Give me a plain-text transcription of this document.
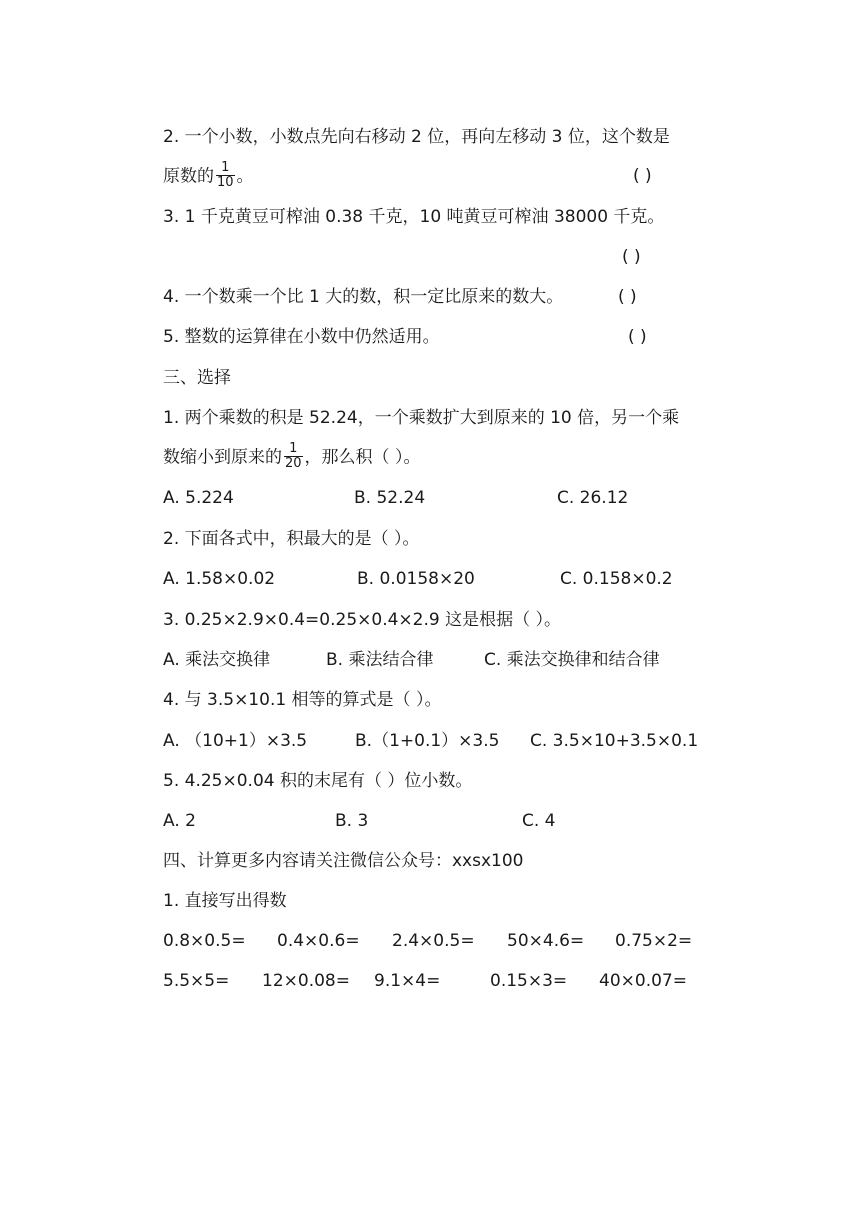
2. 一个小数，小数点先向右移动 2 位，再向左移动 3 位，这个数是
原数的 $\frac{1}{10}$ 。	( )
3. 1 千克黄豆可榨油 0.38 千克，10 吨黄豆可榨油 38000 千克。
( )
4. 一个数乘一个比 1 大的数，积一定比原来的数大。	( )
5. 整数的运算律在小数中仍然适用。	( )
三、选择
1. 两个乘数的积是 52.24，一个乘数扩大到原来的 10 倍，另一个乘
数缩小到原来的 $\frac{1}{20}$ ，那么积（ ）。
A. 5.224	B. 52.24	C. 26.12
2. 下面各式中，积最大的是（ ）。
A. 1.58×0.02	B. 0.0158×20	C. 0.158×0.2
3. 0.25×2.9×0.4=0.25×0.4×2.9 这是根据（ ）。
A. 乘法交换律	B. 乘法结合律	C. 乘法交换律和结合律
4. 与 3.5×10.1 相等的算式是（ ）。
A. （10+1）×3.5	B.（1+0.1）×3.5 C. 3.5×10+3.5×0.1
5. 4.25×0.04 积的末尾有（ ）位小数。
A. 2	B. 3	C. 4
四、计算更多内容请关注微信公众号：xxsx100
1. 直接写出得数
0.8×0.5= 0.4×0.6= 2.4×0.5= 50×4.6= 0.75×2=
5.5×5= 12×0.08= 9.1×4=	0.15×3= 40×0.07=
